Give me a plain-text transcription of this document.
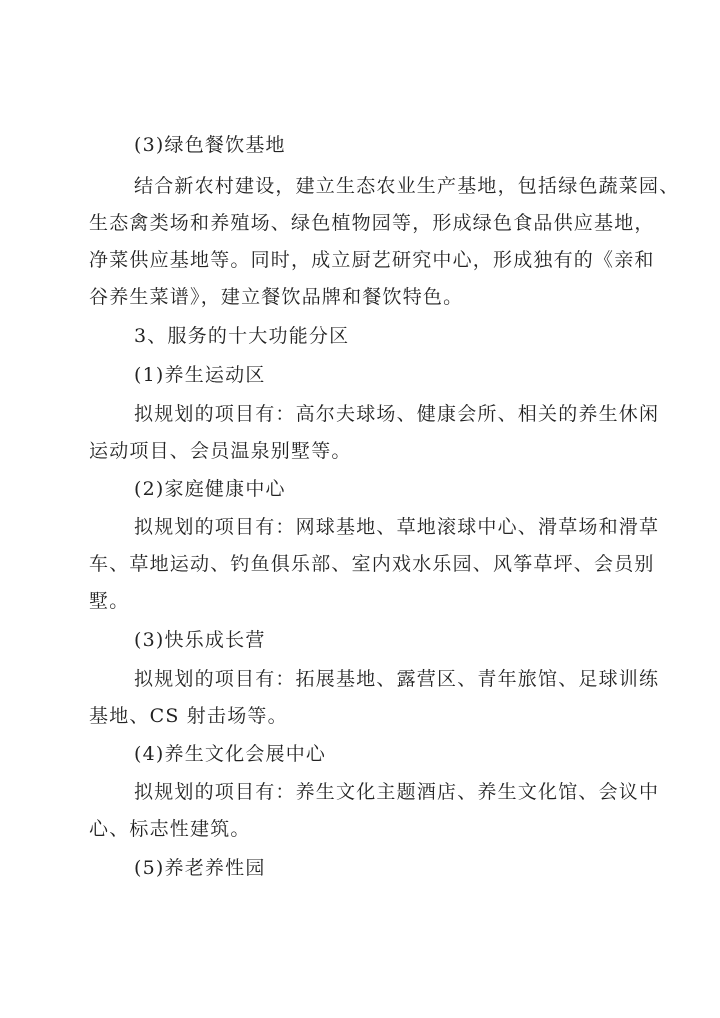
(3)绿色餐饮基地
结合新农村建设，建立生态农业生产基地，包括绿色蔬菜园、
生态禽类场和养殖场、绿色植物园等，形成绿色食品供应基地，
净菜供应基地等。同时，成立厨艺研究中心，形成独有的《亲和
谷养生菜谱》，建立餐饮品牌和餐饮特色。
3、服务的十大功能分区
(1)养生运动区
拟规划的项目有：高尔夫球场、健康会所、相关的养生休闲
运动项目、会员温泉别墅等。
(2)家庭健康中心
拟规划的项目有：网球基地、草地滚球中心、滑草场和滑草
车、草地运动、钓鱼俱乐部、室内戏水乐园、风筝草坪、会员别
墅。
(3)快乐成长营
拟规划的项目有：拓展基地、露营区、青年旅馆、足球训练
基地、CS 射击场等。
(4)养生文化会展中心
拟规划的项目有：养生文化主题酒店、养生文化馆、会议中
心、标志性建筑。
(5)养老养性园
